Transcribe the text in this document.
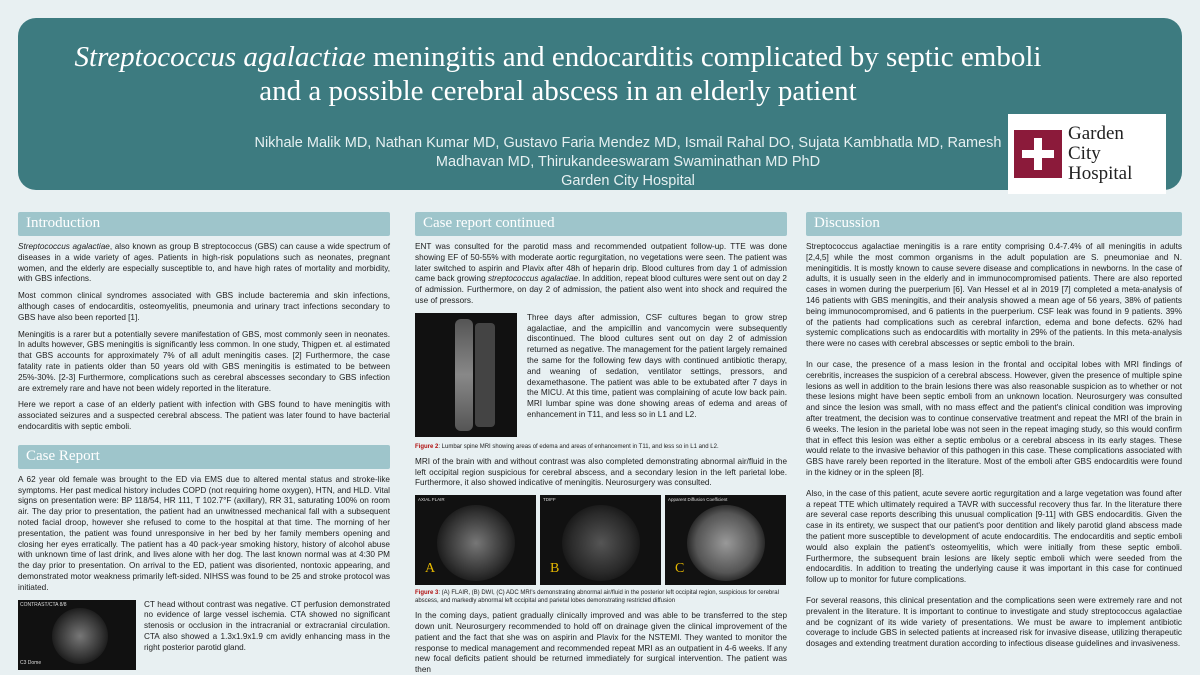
Streptococcus agalactiae meningitis and endocarditis complicated by septic emboli and a possible cerebral abscess in an elderly patient
Nikhale Malik MD, Nathan Kumar MD, Gustavo Faria Mendez MD, Ismail Rahal DO, Sujata Kambhatla MD, Ramesh Madhavan MD, Thirukandeeswaram Swaminathan MD PhD
Garden City Hospital
Garden City
Hospital
Introduction

Streptococcus agalactiae, also known as group B streptococcus (GBS) can cause a wide spectrum of diseases in a wide variety of ages. Patients in high-risk populations such as neonates, pregnant women, and the elderly are especially susceptible to, and have high rates of mortality and morbidity, with GBS infections.

Most common clinical syndromes associated with GBS include bacteremia and skin infections, although cases of endocarditis, osteomyelitis, pneumonia and urinary tract infections secondary to GBS have also been reported [1].

Meningitis is a rarer but a potentially severe manifestation of GBS, most commonly seen in neonates. In adults however, GBS meningitis is significantly less common. In one study, Thigpen et. al estimated that GBS accounts for approximately 7% of all adult meningitis cases. [2] Furthermore, the case fatality rate in patients older than 50 years old with GBS meningitis is estimated to be between 25%-30%. [2-3] Furthermore, complications such as cerebral abscesses secondary to GBS infection are extremely rare and have not been widely reported in the literature.

Here we report a case of an elderly patient with infection with GBS found to have meningitis with associated seizures and a suspected cerebral abscess. The patient was later found to have bacterial endocarditis with septic emboli.

Case Report

A 62 year old female was brought to the ED via EMS due to altered mental status and stroke-like symptoms. Her past medical history includes COPD (not requiring home oxygen), HTN, and HLD. Vital signs on presentation were: BP 118/54, HR 111, T 102.7°F (axillary), RR 31, saturating 100% on room air. The day prior to presentation, the patient had an unwitnessed mechanical fall with a subsequent noted facial droop, however she refused to come to the hospital at that time. The morning of her presentation, the patient was found unresponsive in her bed by her family members opening and closing her eyes erratically. The patient has a 40 pack-year smoking history, history of alcohol abuse with unknown time of last drink, and lives alone with her dog. The last known normal was at 4:30 PM the day prior to presentation. On arrival to the ED, patient was disoriented, nontoxic appearing, and demonstrated motor weakness primarily left-sided. NIHSS was found to be 25 and stroke protocol was initiated.

CONTRAST/CTA 8/8
C3 Dome

CT head without contrast was negative. CT perfusion demonstrated no evidence of large vessel ischemia. CTA showed no significant stenosis or occlusion in the intracranial or extracranial circulation. CTA also showed a 1.3x1.9x1.9 cm avidly enhancing mass in the right posterior parotid gland.

Case report continued

ENT was consulted for the parotid mass and recommended outpatient follow-up. TTE was done showing EF of 50-55% with moderate aortic regurgitation, no vegetations were seen. The patient was later switched to aspirin and Plavix after 48h of heparin drip. Blood cultures from day 1 of admission came back growing streptococcus agalactiae. In addition, repeat blood cultures were sent out on day 2 of admission. Furthermore, on day 2 of admission, the patient also went into shock and required the use of pressors.

Three days after admission, CSF cultures began to grow strep agalactiae, and the ampicillin and vancomycin were subsequently discontinued. The blood cultures sent out on day 2 of admission returned as negative. The management for the patient largely remained the same for the following few days with continued antibiotic therapy, and weaning of sedation, ventilator settings, pressors, and dexamethasone. The patient was able to be extubated after 7 days in the MICU. At this time, patient was complaining of acute low back pain. MRI lumbar spine was done showing areas of edema and areas of enhancement in T11, and less so in L1 and L2.

Figure 2: Lumbar spine MRI showing areas of edema and areas of enhancement in T11, and less so in L1 and L2.

MRI of the brain with and without contrast was also completed demonstrating abnormal air/fluid in the left occipital region suspicious for cerebral abscess, and a secondary lesion in the left parietal lobe. Furthermore, it also showed indicative of meningitis. Neurosurgery was consulted.

AXIAL FLAIR
A
TDIFF
B
Apparent Diffusion Coefficient
C

Figure 3: (A) FLAIR, (B) DWI, (C) ADC MRI's demonstrating abnormal air/fluid in the posterior left occipital region, suspicious for cerebral abscess, and markedly abnormal left occipital and parietal lobes demonstrating restricted diffusion

In the coming days, patient gradually clinically improved and was able to be transferred to the step down unit. Neurosurgery recommended to hold off on drainage given the clinical improvement of the patient and the fact that she was on aspirin and Plavix for the NSTEMI. They wanted to monitor the response to medical management and recommended repeat MRI as an outpatient in 4-6 weeks. If any new focal deficits patient should be returned immediately for surgical intervention. The patient was then

Discussion

Streptococcus agalactiae meningitis is a rare entity comprising 0.4-7.4% of all meningitis in adults [2,4,5] while the most common organisms in the adult population are S. pneumoniae and N. meningitidis. It is mostly known to cause severe disease and complications in newborns. In the case of adults, it is usually seen in the elderly and in immunocompromised patients. There are also reported cases in women during the puerperium [6]. Van Hessel et al in 2019 [7] completed a meta-analysis of 146 patients with GBS meningitis, and their analysis showed a mean age of 56 years, 38% of patients being immunocompromised, and 6 patients in the puerperium. CSF leak was found in 9 patients. 39% of the patients had complications such as cerebral infarction, edema and bone defects. 62% had systemic complications such as endocarditis with mortality in 29% of the patients. In this meta-analysis there were no cases with cerebral abscesses or septic emboli to the brain.

In our case, the presence of a mass lesion in the frontal and occipital lobes with MRI findings of cerebritis, increases the suspicion of a cerebral abscess. However, given the presence of multiple spine lesions as well in addition to the brain lesions there was also reasonable suspicion as to whether or not these lesions might have been septic emboli from an unknown location. Neurosurgery was consulted and since the lesion was small, with no mass effect and the patient's clinical condition was improving after treatment, the decision was to continue conservative treatment and repeat the MRI of the brain in 6 weeks. The lesion in the parietal lobe was not seen in the repeat imaging study, so this would confirm that in effect this lesion was either a septic embolus or a cerebral abscess in its early stages. These would relate to the invasive behavior of this pathogen in this case. These complications associated with GBS have rarely been reported in the literature. Most of the emboli after GBS endocarditis were found in the kidney or in the spleen [8].

Also, in the case of this patient, acute severe aortic regurgitation and a large vegetation was found after a repeat TTE which ultimately required a TAVR with successful recovery thus far. In the literature there are several case reports describing this unusual complication [9-11] with GBS endocarditis. Given the case in its entirety, we suspect that our patient's poor dentition and likely parotid gland abscess made the patient more susceptible to development of acute endocarditis. The endocarditis and septic emboli would also explain the patient's osteomyelitis, which were initially from these septic emboli. Furthermore, the subsequent brain lesions are likely septic emboli which were seeded from the endocarditis. In addition to treating the underlying cause it was important in this case for continued follow up to monitor for future complications.

For several reasons, this clinical presentation and the complications seen were extremely rare and not prevalent in the literature. It is important to continue to investigate and study streptococcus agalactiae and be cognizant of its wide variety of presentations. We must be aware to implement antibiotic coverage to include GBS in selected patients at increased risk for invasive disease, utilizing therapeutic dosages and extending treatment duration according to infectious disease guidelines and invasiveness.
